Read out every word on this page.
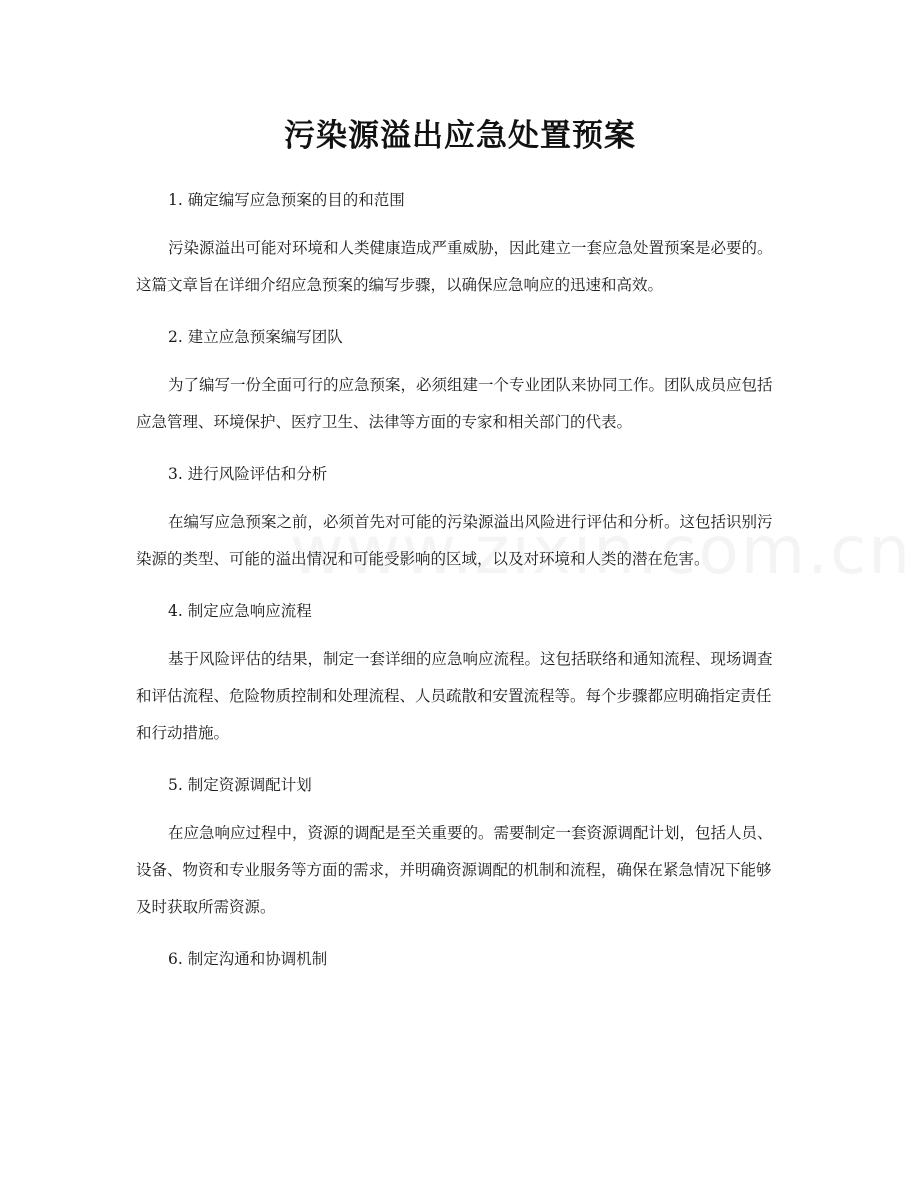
污染源溢出应急处置预案

1. 确定编写应急预案的目的和范围

污染源溢出可能对环境和人类健康造成严重威胁，因此建立一套应急处置预案是必要的。这篇文章旨在详细介绍应急预案的编写步骤，以确保应急响应的迅速和高效。

2. 建立应急预案编写团队

为了编写一份全面可行的应急预案，必须组建一个专业团队来协同工作。团队成员应包括应急管理、环境保护、医疗卫生、法律等方面的专家和相关部门的代表。

3. 进行风险评估和分析

在编写应急预案之前，必须首先对可能的污染源溢出风险进行评估和分析。这包括识别污染源的类型、可能的溢出情况和可能受影响的区域，以及对环境和人类的潜在危害。

4. 制定应急响应流程

基于风险评估的结果，制定一套详细的应急响应流程。这包括联络和通知流程、现场调查和评估流程、危险物质控制和处理流程、人员疏散和安置流程等。每个步骤都应明确指定责任和行动措施。

5. 制定资源调配计划

在应急响应过程中，资源的调配是至关重要的。需要制定一套资源调配计划，包括人员、设备、物资和专业服务等方面的需求，并明确资源调配的机制和流程，确保在紧急情况下能够及时获取所需资源。

6. 制定沟通和协调机制
